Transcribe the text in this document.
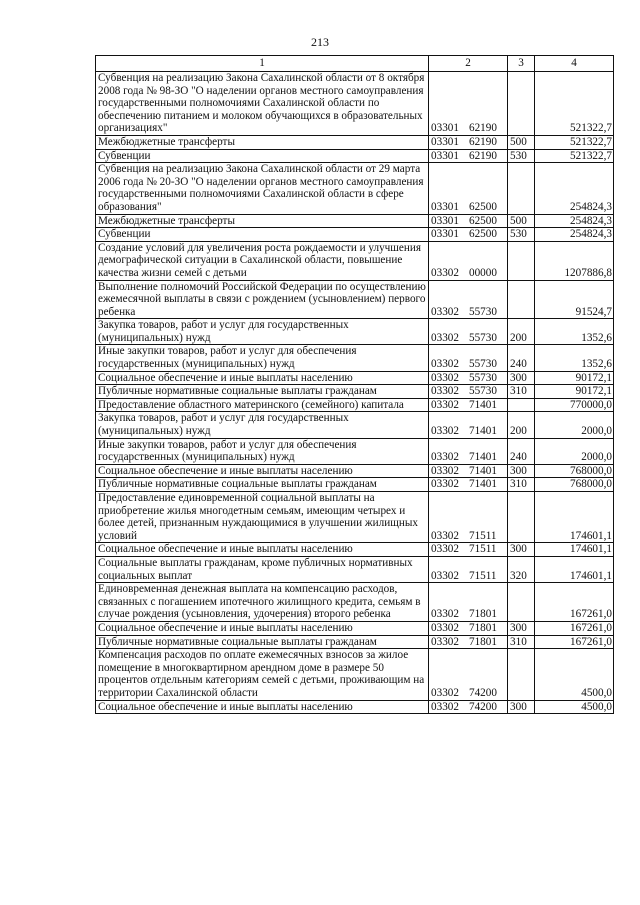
213
1	2	3	4
Субвенция на реализацию Закона Сахалинской области от 8 октября 2008 года № 98-ЗО "О наделении органов местного самоуправления государственными полномочиями Сахалинской области по обеспечению питанием и молоком обучающихся в образовательных организациях"	03301 62190		521322,7
Межбюджетные трансферты	03301 62190	500	521322,7
Субвенции	03301 62190	530	521322,7
Субвенция на реализацию Закона Сахалинской области от 29 марта 2006 года № 20-ЗО "О наделении органов местного самоуправления государственными полномочиями Сахалинской области в сфере образования"	03301 62500		254824,3
Межбюджетные трансферты	03301 62500	500	254824,3
Субвенции	03301 62500	530	254824,3
Создание условий для увеличения роста рождаемости и улучшения демографической ситуации в Сахалинской области, повышение качества жизни семей с детьми	03302 00000		1207886,8
Выполнение полномочий Российской Федерации по осуществлению ежемесячной выплаты в связи с рождением (усыновлением) первого ребенка	03302 55730		91524,7
Закупка товаров, работ и услуг для государственных (муниципальных) нужд	03302 55730	200	1352,6
Иные закупки товаров, работ и услуг для обеспечения государственных (муниципальных) нужд	03302 55730	240	1352,6
Социальное обеспечение и иные выплаты населению	03302 55730	300	90172,1
Публичные нормативные социальные выплаты гражданам	03302 55730	310	90172,1
Предоставление областного материнского (семейного) капитала	03302 71401		770000,0
Закупка товаров, работ и услуг для государственных (муниципальных) нужд	03302 71401	200	2000,0
Иные закупки товаров, работ и услуг для обеспечения государственных (муниципальных) нужд	03302 71401	240	2000,0
Социальное обеспечение и иные выплаты населению	03302 71401	300	768000,0
Публичные нормативные социальные выплаты гражданам	03302 71401	310	768000,0
Предоставление единовременной социальной выплаты на приобретение жилья многодетным семьям, имеющим четырех и более детей, признанным нуждающимися в улучшении жилищных условий	03302 71511		174601,1
Социальное обеспечение и иные выплаты населению	03302 71511	300	174601,1
Социальные выплаты гражданам, кроме публичных нормативных социальных выплат	03302 71511	320	174601,1
Единовременная денежная выплата на компенсацию расходов, связанных с погашением ипотечного жилищного кредита, семьям в случае рождения (усыновления, удочерения) второго ребенка	03302 71801		167261,0
Социальное обеспечение и иные выплаты населению	03302 71801	300	167261,0
Публичные нормативные социальные выплаты гражданам	03302 71801	310	167261,0
Компенсация расходов по оплате ежемесячных взносов за жилое помещение в многоквартирном арендном доме в размере 50 процентов отдельным категориям семей с детьми, проживающим на территории Сахалинской области	03302 74200		4500,0
Социальное обеспечение и иные выплаты населению	03302 74200	300	4500,0
